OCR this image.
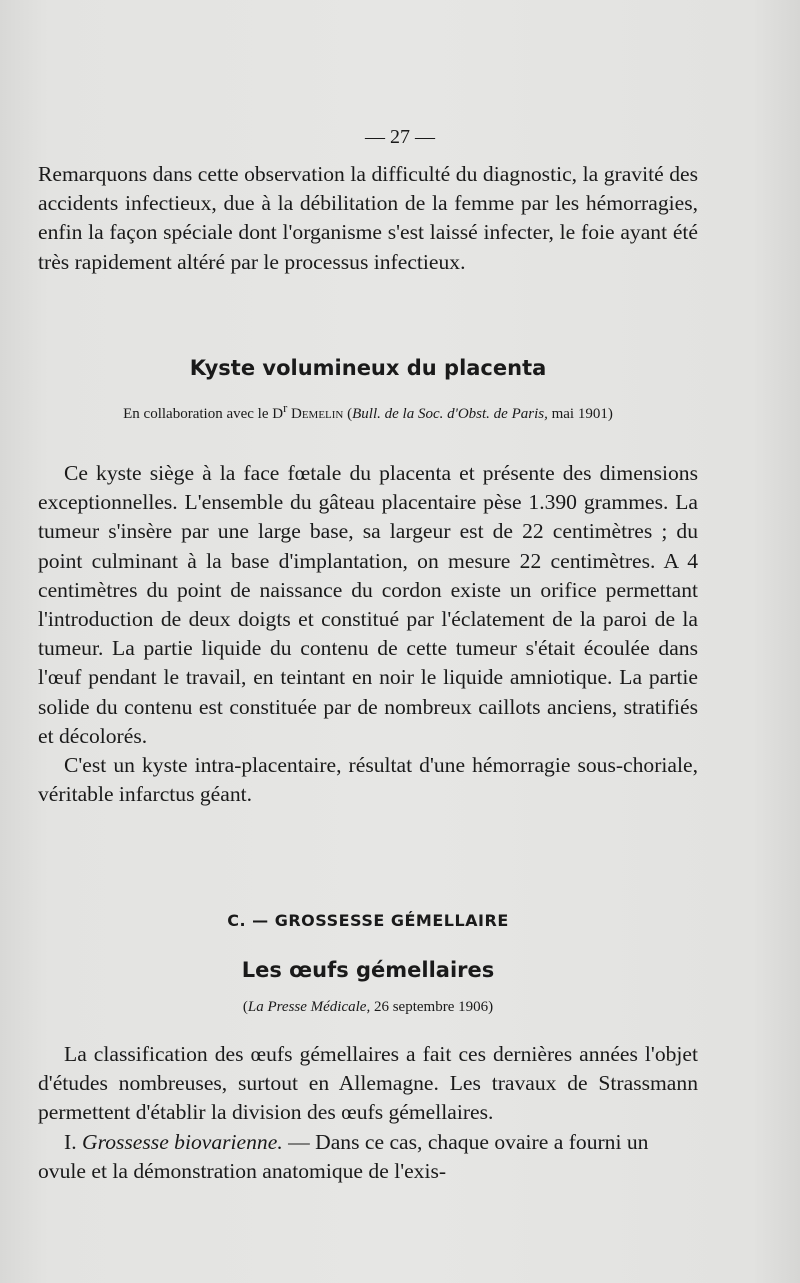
— 27 —

Remarquons dans cette observation la difficulté du diagnostic, la gravité des accidents infectieux, due à la débilitation de la femme par les hémorragies, enfin la façon spéciale dont l'organisme s'est laissé infecter, le foie ayant été très rapidement altéré par le processus infectieux.

Kyste volumineux du placenta
En collaboration avec le $D^r$ Demelin (Bull. de la Soc. d'Obst. de Paris, mai 1901)

Ce kyste siège à la face fœtale du placenta et présente des dimensions exceptionnelles. L'ensemble du gâteau placentaire pèse 1.390 grammes. La tumeur s'insère par une large base, sa largeur est de 22 centimètres ; du point culminant à la base d'implantation, on mesure 22 centimètres. A 4 centimètres du point de naissance du cordon existe un orifice permettant l'introduction de deux doigts et constitué par l'éclatement de la paroi de la tumeur. La partie liquide du contenu de cette tumeur s'était écoulée dans l'œuf pendant le travail, en teintant en noir le liquide amniotique. La partie solide du contenu est constituée par de nombreux caillots anciens, stratifiés et décolorés.

C'est un kyste intra-placentaire, résultat d'une hémorragie sous-choriale, véritable infarctus géant.

C. — GROSSESSE GÉMELLAIRE
Les œufs gémellaires
(La Presse Médicale, 26 septembre 1906)

La classification des œufs gémellaires a fait ces dernières années l'objet d'études nombreuses, surtout en Allemagne. Les travaux de Strassmann permettent d'établir la division des œufs gémellaires.

I. Grossesse biovarienne. — Dans ce cas, chaque ovaire a fourni un ovule et la démonstration anatomique de l'exis-
